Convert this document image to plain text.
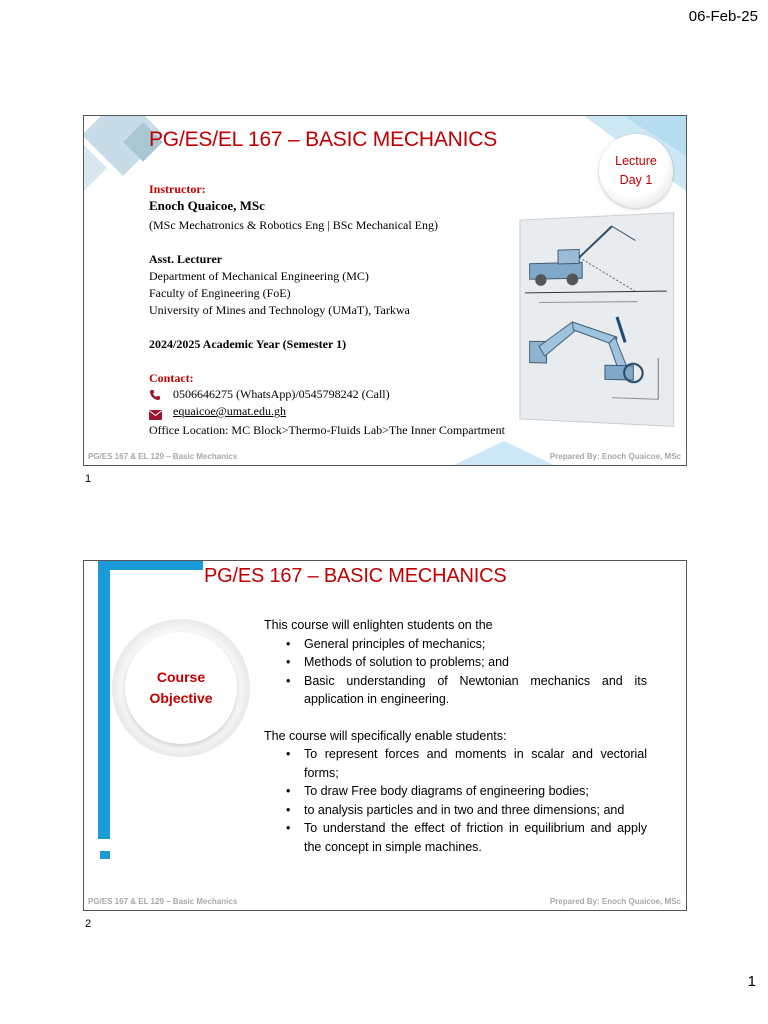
06-Feb-25
PG/ES/EL 167 – BASIC MECHANICS
Lecture
Day 1
Instructor:
Enoch Quaicoe, MSc
(MSc Mechatronics & Robotics Eng | BSc Mechanical Eng)
Asst. Lecturer
Department of Mechanical Engineering (MC)
Faculty of Engineering (FoE)
University of Mines and Technology (UMaT), Tarkwa
2024/2025 Academic Year (Semester 1)
Contact:
0506646275 (WhatsApp)/0545798242 (Call)
equaicoe@umat.edu.gh
Office Location: MC Block>Thermo-Fluids Lab>The Inner Compartment
PG/ES 167 & EL 129 – Basic Mechanics	Prepared By: Enoch Quaicoe, MSc
1
PG/ES 167 – BASIC MECHANICS
Course
Objective

This course will enlighten students on the

• General principles of mechanics;
• Methods of solution to problems; and
• Basic understanding of Newtonian mechanics and its application in engineering.

The course will specifically enable students:

• To represent forces and moments in scalar and vectorial forms;
• To draw Free body diagrams of engineering bodies;
• to analysis particles and in two and three dimensions; and
• To understand the effect of friction in equilibrium and apply the concept in simple machines.
PG/ES 167 & EL 129 – Basic Mechanics	Prepared By: Enoch Quaicoe, MSc
2
1
